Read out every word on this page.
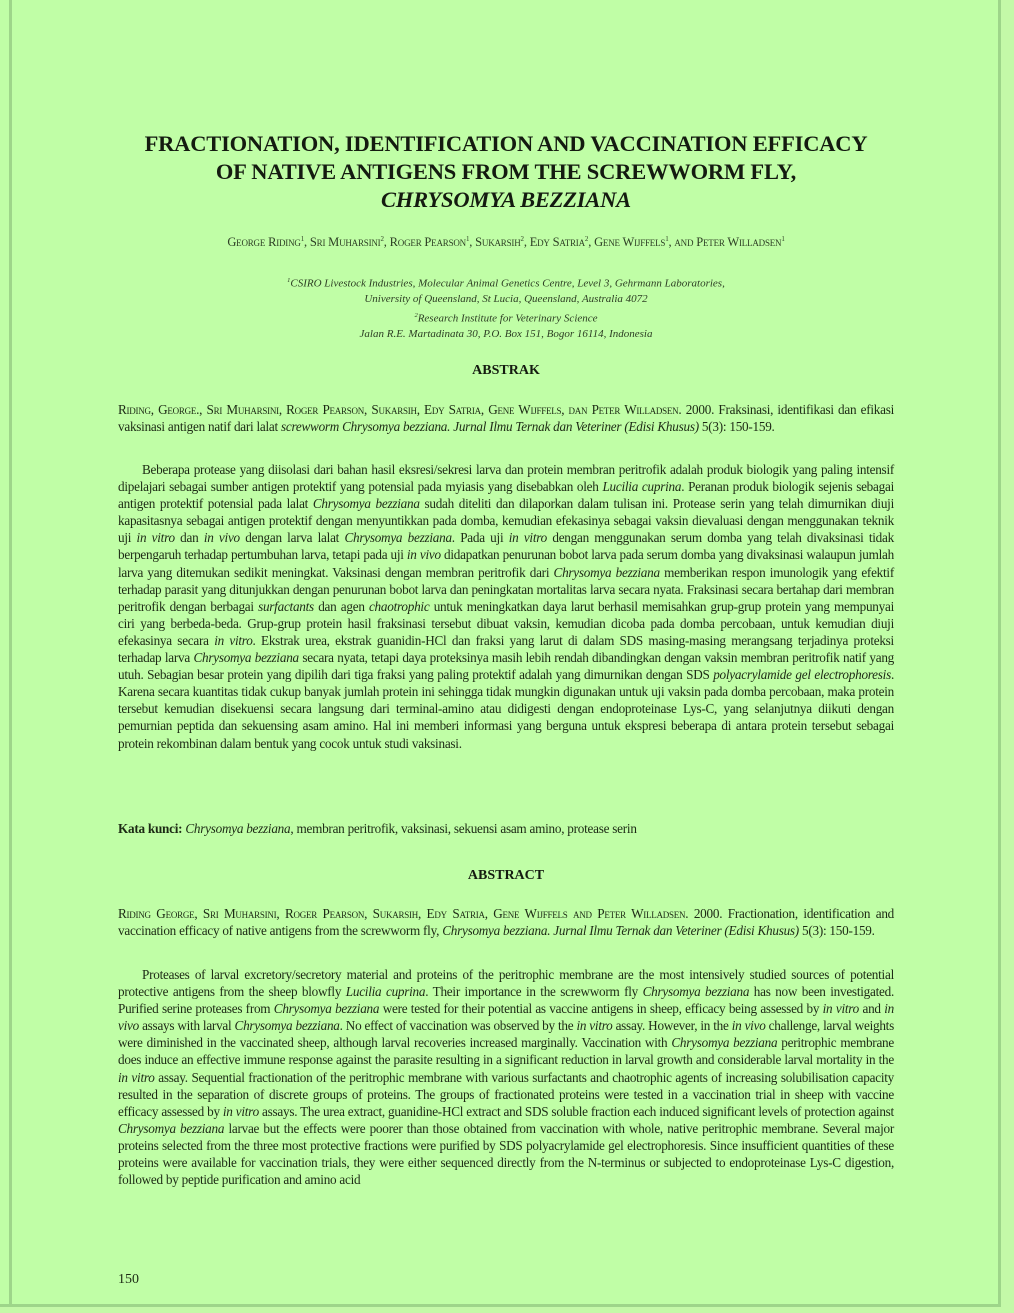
FRACTIONATION, IDENTIFICATION AND VACCINATION EFFICACY
OF NATIVE ANTIGENS FROM THE SCREWWORM FLY,
CHRYSOMYA BEZZIANA
George Riding$^1$, Sri Muharsini$^2$, Roger Pearson$^1$, Sukarsih$^2$, Edy Satria$^2$, Gene Wijffels$^1$, and Peter Willadsen$^1$
$^1$CSIRO Livestock Industries, Molecular Animal Genetics Centre, Level 3, Gehrmann Laboratories,
University of Queensland, St Lucia, Queensland, Australia 4072
$^2$Research Institute for Veterinary Science
Jalan R.E. Martadinata 30, P.O. Box 151, Bogor 16114, Indonesia
ABSTRAK
Riding, George., Sri Muharsini, Roger Pearson, Sukarsih, Edy Satria, Gene Wijffels, dan Peter Willadsen. 2000. Fraksinasi, identifikasi dan efikasi vaksinasi antigen natif dari lalat screwworm Chrysomya bezziana. Jurnal Ilmu Ternak dan Veteriner (Edisi Khusus) 5(3): 150-159.
Beberapa protease yang diisolasi dari bahan hasil eksresi/sekresi larva dan protein membran peritrofik adalah produk biologik yang paling intensif dipelajari sebagai sumber antigen protektif yang potensial pada myiasis yang disebabkan oleh Lucilia cuprina. Peranan produk biologik sejenis sebagai antigen protektif potensial pada lalat Chrysomya bezziana sudah diteliti dan dilaporkan dalam tulisan ini. Protease serin yang telah dimurnikan diuji kapasitasnya sebagai antigen protektif dengan menyuntikkan pada domba, kemudian efekasinya sebagai vaksin dievaluasi dengan menggunakan teknik uji in vitro dan in vivo dengan larva lalat Chrysomya bezziana. Pada uji in vitro dengan menggunakan serum domba yang telah divaksinasi tidak berpengaruh terhadap pertumbuhan larva, tetapi pada uji in vivo didapatkan penurunan bobot larva pada serum domba yang divaksinasi walaupun jumlah larva yang ditemukan sedikit meningkat. Vaksinasi dengan membran peritrofik dari Chrysomya bezziana memberikan respon imunologik yang efektif terhadap parasit yang ditunjukkan dengan penurunan bobot larva dan peningkatan mortalitas larva secara nyata. Fraksinasi secara bertahap dari membran peritrofik dengan berbagai surfactants dan agen chaotrophic untuk meningkatkan daya larut berhasil memisahkan grup-grup protein yang mempunyai ciri yang berbeda-beda. Grup-grup protein hasil fraksinasi tersebut dibuat vaksin, kemudian dicoba pada domba percobaan, untuk kemudian diuji efekasinya secara in vitro. Ekstrak urea, ekstrak guanidin-HCl dan fraksi yang larut di dalam SDS masing-masing merangsang terjadinya proteksi terhadap larva Chrysomya bezziana secara nyata, tetapi daya proteksinya masih lebih rendah dibandingkan dengan vaksin membran peritrofik natif yang utuh. Sebagian besar protein yang dipilih dari tiga fraksi yang paling protektif adalah yang dimurnikan dengan SDS polyacrylamide gel electrophoresis. Karena secara kuantitas tidak cukup banyak jumlah protein ini sehingga tidak mungkin digunakan untuk uji vaksin pada domba percobaan, maka protein tersebut kemudian disekuensi secara langsung dari terminal-amino atau didigesti dengan endoproteinase Lys-C, yang selanjutnya diikuti dengan pemurnian peptida dan sekuensing asam amino. Hal ini memberi informasi yang berguna untuk ekspresi beberapa di antara protein tersebut sebagai protein rekombinan dalam bentuk yang cocok untuk studi vaksinasi.
Kata kunci: Chrysomya bezziana, membran peritrofik, vaksinasi, sekuensi asam amino, protease serin
ABSTRACT
Riding George, Sri Muharsini, Roger Pearson, Sukarsih, Edy Satria, Gene Wijffels and Peter Willadsen. 2000. Fractionation, identification and vaccination efficacy of native antigens from the screwworm fly, Chrysomya bezziana. Jurnal Ilmu Ternak dan Veteriner (Edisi Khusus) 5(3): 150-159.
Proteases of larval excretory/secretory material and proteins of the peritrophic membrane are the most intensively studied sources of potential protective antigens from the sheep blowfly Lucilia cuprina. Their importance in the screwworm fly Chrysomya bezziana has now been investigated. Purified serine proteases from Chrysomya bezziana were tested for their potential as vaccine antigens in sheep, efficacy being assessed by in vitro and in vivo assays with larval Chrysomya bezziana. No effect of vaccination was observed by the in vitro assay. However, in the in vivo challenge, larval weights were diminished in the vaccinated sheep, although larval recoveries increased marginally. Vaccination with Chrysomya bezziana peritrophic membrane does induce an effective immune response against the parasite resulting in a significant reduction in larval growth and considerable larval mortality in the in vitro assay. Sequential fractionation of the peritrophic membrane with various surfactants and chaotrophic agents of increasing solubilisation capacity resulted in the separation of discrete groups of proteins. The groups of fractionated proteins were tested in a vaccination trial in sheep with vaccine efficacy assessed by in vitro assays. The urea extract, guanidine-HCl extract and SDS soluble fraction each induced significant levels of protection against Chrysomya bezziana larvae but the effects were poorer than those obtained from vaccination with whole, native peritrophic membrane. Several major proteins selected from the three most protective fractions were purified by SDS polyacrylamide gel electrophoresis. Since insufficient quantities of these proteins were available for vaccination trials, they were either sequenced directly from the N-terminus or subjected to endoproteinase Lys-C digestion, followed by peptide purification and amino acid
150
